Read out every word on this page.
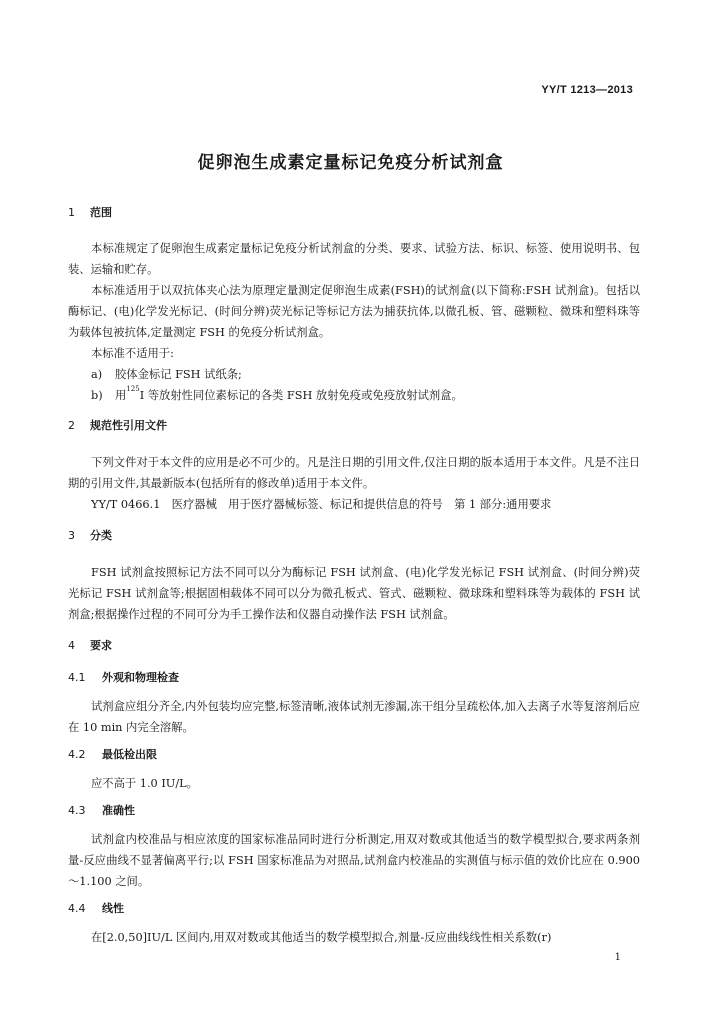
YY/T 1213—2013
促卵泡生成素定量标记免疫分析试剂盒
1 范围

本标准规定了促卵泡生成素定量标记免疫分析试剂盒的分类、要求、试验方法、标识、标签、使用说明书、包装、运输和贮存。

本标准适用于以双抗体夹心法为原理定量测定促卵泡生成素(FSH)的试剂盒(以下简称:FSH 试剂盒)。包括以酶标记、(电)化学发光标记、(时间分辨)荧光标记等标记方法为捕获抗体,以微孔板、管、磁颗粒、微珠和塑料珠等为载体包被抗体,定量测定 FSH 的免疫分析试剂盒。

本标准不适用于:

a) 胶体金标记 FSH 试纸条;

b) 用$^{125}$I 等放射性同位素标记的各类 FSH 放射免疫或免疫放射试剂盒。

2 规范性引用文件

下列文件对于本文件的应用是必不可少的。凡是注日期的引用文件,仅注日期的版本适用于本文件。凡是不注日期的引用文件,其最新版本(包括所有的修改单)适用于本文件。

YY/T 0466.1　医疗器械　用于医疗器械标签、标记和提供信息的符号　第 1 部分:通用要求

3 分类

FSH 试剂盒按照标记方法不同可以分为酶标记 FSH 试剂盒、(电)化学发光标记 FSH 试剂盒、(时间分辨)荧光标记 FSH 试剂盒等;根据固相载体不同可以分为微孔板式、管式、磁颗粒、微球珠和塑料珠等为载体的 FSH 试剂盒;根据操作过程的不同可分为手工操作法和仪器自动操作法 FSH 试剂盒。

4 要求
4.1 外观和物理检查

试剂盒应组分齐全,内外包装均应完整,标签清晰,液体试剂无渗漏,冻干组分呈疏松体,加入去离子水等复溶剂后应在 10 min 内完全溶解。

4.2 最低检出限

应不高于 1.0 IU/L。

4.3 准确性

试剂盒内校准品与相应浓度的国家标准品同时进行分析测定,用双对数或其他适当的数学模型拟合,要求两条剂量-反应曲线不显著偏离平行;以 FSH 国家标准品为对照品,试剂盒内校准品的实测值与标示值的效价比应在 0.900～1.100 之间。

4.4 线性

在[2.0,50]IU/L 区间内,用双对数或其他适当的数学模型拟合,剂量-反应曲线线性相关系数(r)

1
